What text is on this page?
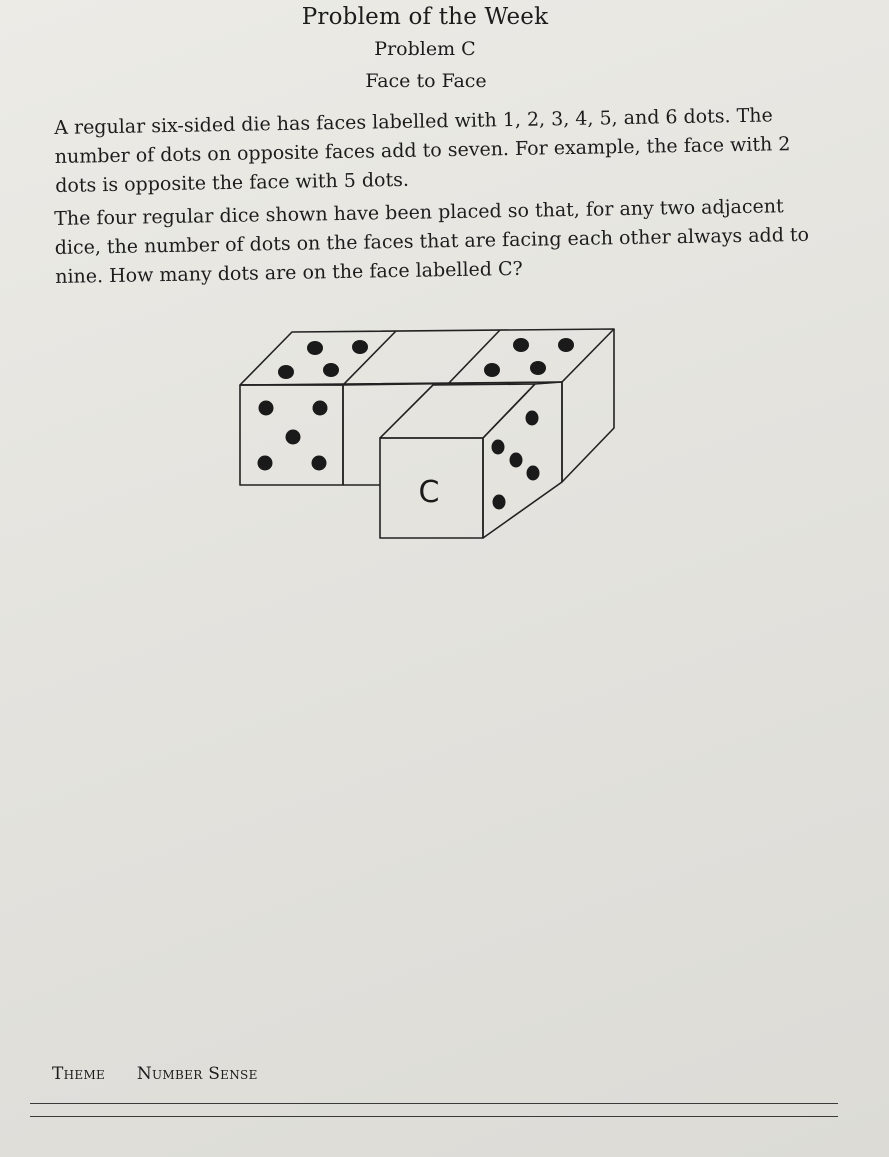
Problem of the Week
Problem C
Face to Face
A regular six-sided die has faces labelled with 1, 2, 3, 4, 5, and 6 dots. The number of dots on opposite faces add to seven. For example, the face with 2 dots is opposite the face with 5 dots.
The four regular dice shown have been placed so that, for any two adjacent dice, the number of dots on the faces that are facing each other always add to nine. How many dots are on the face labelled C?
C
Theme Number Sense
